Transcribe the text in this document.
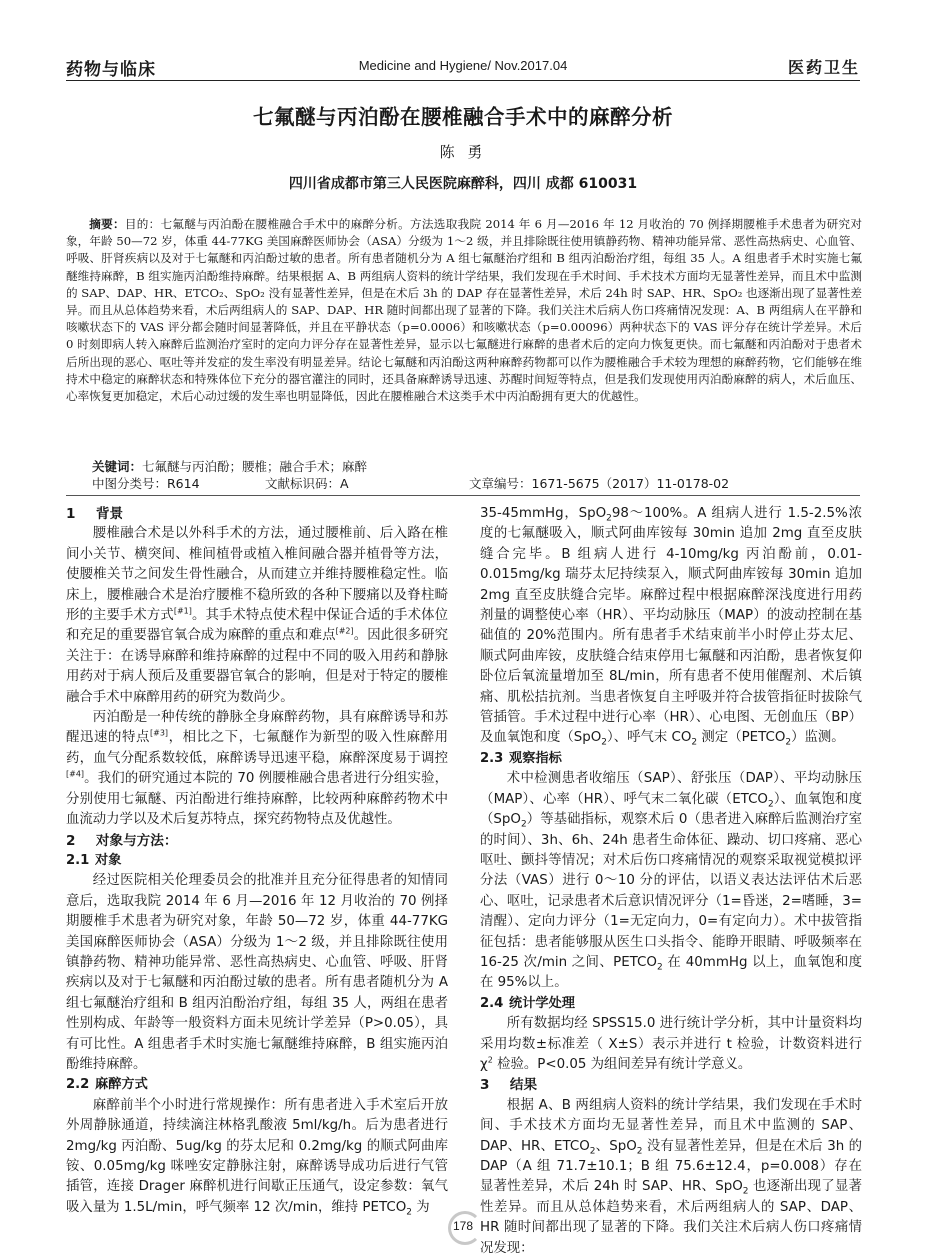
药物与临床	Medicine and Hygiene/ Nov.2017.04	医药卫生
七氟醚与丙泊酚在腰椎融合手术中的麻醉分析
陈 勇
四川省成都市第三人民医院麻醉科，四川 成都 610031
摘要：目的：七氟醚与丙泊酚在腰椎融合手术中的麻醉分析。方法选取我院 2014 年 6 月—2016 年 12 月收治的 70 例择期腰椎手术患者为研究对象，年龄 50—72 岁，体重 44-77KG 美国麻醉医师协会（ASA）分级为 1～2 级，并且排除既往使用镇静药物、精神功能异常、恶性高热病史、心血管、呼吸、肝肾疾病以及对于七氟醚和丙泊酚过敏的患者。所有患者随机分为 A 组七氟醚治疗组和 B 组丙泊酚治疗组，每组 35 人。A 组患者手术时实施七氟醚维持麻醉，B 组实施丙泊酚维持麻醉。结果根据 A、B 两组病人资料的统计学结果，我们发现在手术时间、手术技术方面均无显著性差异，而且术中监测的 SAP、DAP、HR、ETCO₂、SpO₂ 没有显著性差异，但是在术后 3h 的 DAP 存在显著性差异，术后 24h 时 SAP、HR、SpO₂ 也逐渐出现了显著性差异。而且从总体趋势来看，术后两组病人的 SAP、DAP、HR 随时间都出现了显著的下降。我们关注术后病人伤口疼痛情况发现：A、B 两组病人在平静和咳嗽状态下的 VAS 评分都会随时间显著降低，并且在平静状态（p=0.0006）和咳嗽状态（p=0.00096）两种状态下的 VAS 评分存在统计学差异。术后 0 时刻即病人转入麻醉后监测治疗室时的定向力评分存在显著性差异，显示以七氟醚进行麻醉的患者术后的定向力恢复更快。而七氟醚和丙泊酚对于患者术后所出现的恶心、呕吐等并发症的发生率没有明显差异。结论七氟醚和丙泊酚这两种麻醉药物都可以作为腰椎融合手术较为理想的麻醉药物，它们能够在维持术中稳定的麻醉状态和特殊体位下充分的器官灌注的同时，还具备麻醉诱导迅速、苏醒时间短等特点，但是我们发现使用丙泊酚麻醉的病人，术后血压、心率恢复更加稳定，术后心动过缓的发生率也明显降低，因此在腰椎融合术这类手术中丙泊酚拥有更大的优越性。
关键词：七氟醚与丙泊酚；腰椎；融合手术；麻醉
中图分类号：R614	文献标识码：A	文章编号：1671-5675（2017）11-0178-02
1 背景

腰椎融合术是以外科手术的方法，通过腰椎前、后入路在椎间小关节、横突间、椎间植骨或植入椎间融合器并植骨等方法，使腰椎关节之间发生骨性融合，从而建立并维持腰椎稳定性。临床上，腰椎融合术是治疗腰椎不稳所致的各种下腰痛以及脊柱畸形的主要手术方式[#1]。其手术特点使术程中保证合适的手术体位和充足的重要器官氧合成为麻醉的重点和难点[#2]。因此很多研究关注于：在诱导麻醉和维持麻醉的过程中不同的吸入用药和静脉用药对于病人预后及重要器官氧合的影响，但是对于特定的腰椎融合手术中麻醉用药的研究为数尚少。

丙泊酚是一种传统的静脉全身麻醉药物，具有麻醉诱导和苏醒迅速的特点[#3]，相比之下，七氟醚作为新型的吸入性麻醉用药，血气分配系数较低，麻醉诱导迅速平稳，麻醉深度易于调控[#4]。我们的研究通过本院的 70 例腰椎融合患者进行分组实验，分别使用七氟醚、丙泊酚进行维持麻醉，比较两种麻醉药物术中血流动力学以及术后复苏特点，探究药物特点及优越性。

2 对象与方法：
2.1 对象

经过医院相关伦理委员会的批准并且充分征得患者的知情同意后，选取我院 2014 年 6 月—2016 年 12 月收治的 70 例择期腰椎手术患者为研究对象，年龄 50—72 岁，体重 44-77KG 美国麻醉医师协会（ASA）分级为 1～2 级，并且排除既往使用镇静药物、精神功能异常、恶性高热病史、心血管、呼吸、肝肾疾病以及对于七氟醚和丙泊酚过敏的患者。所有患者随机分为 A 组七氟醚治疗组和 B 组丙泊酚治疗组，每组 35 人，两组在患者性别构成、年龄等一般资料方面未见统计学差异（P>0.05），具有可比性。A 组患者手术时实施七氟醚维持麻醉，B 组实施丙泊酚维持麻醉。

2.2 麻醉方式

麻醉前半个小时进行常规操作：所有患者进入手术室后开放外周静脉通道，持续滴注林格乳酸液 5ml/kg/h。后为患者进行 2mg/kg 丙泊酚、5ug/kg 的芬太尼和 0.2mg/kg 的顺式阿曲库铵、0.05mg/kg 咪唑安定静脉注射，麻醉诱导成功后进行气管插管，连接 Drager 麻醉机进行间歇正压通气，设定参数：氧气吸入量为 1.5L/min，呼气频率 12 次/min，维持 $PETCO_2$ 为

35-45mmHg，SpO$_2$98～100%。A 组病人进行 1.5-2.5%浓度的七氟醚吸入，顺式阿曲库铵每 30min 追加 2mg 直至皮肤缝合完毕。B 组病人进行 4-10mg/kg 丙泊酚前，0.01-0.015mg/kg 瑞芬太尼持续泵入，顺式阿曲库铵每 30min 追加 2mg 直至皮肤缝合完毕。麻醉过程中根据麻醉深浅度进行用药剂量的调整使心率（HR）、平均动脉压（MAP）的波动控制在基础值的 20%范围内。所有患者手术结束前半小时停止芬太尼、顺式阿曲库铵，皮肤缝合结束停用七氟醚和丙泊酚，患者恢复仰卧位后氧流量增加至 8L/min，所有患者不使用催醒剂、术后镇痛、肌松拮抗剂。当患者恢复自主呼吸并符合拔管指征时拔除气管插管。手术过程中进行心率（HR）、心电图、无创血压（BP）及血氧饱和度（SpO$_2$）、呼气末 $CO_2$ 测定$(PETCO_2)$监测。

2.3 观察指标

术中检测患者收缩压（SAP）、舒张压（DAP）、平均动脉压（MAP）、心率（HR）、呼气末二氧化碳$(ETCO_2)$、血氧饱和度（SpO$_2$）等基础指标，观察术后 0（患者进入麻醉后监测治疗室的时间）、3h、6h、24h 患者生命体征、躁动、切口疼痛、恶心呕吐、颤抖等情况；对术后伤口疼痛情况的观察采取视觉模拟评分法（VAS）进行 0～10 分的评估，以语义表达法评估术后恶心、呕吐，记录患者术后意识情况评分（1=昏迷，2=嗜睡，3=清醒）、定向力评分（1=无定向力，0=有定向力）。术中拔管指征包括：患者能够服从医生口头指令、能睁开眼睛、呼吸频率在 16-25 次/min 之间、$PETCO_2$ 在 40mmHg 以上，血氧饱和度在 95%以上。

2.4 统计学处理

所有数据均经 SPSS15.0 进行统计学分析，其中计量资料均采用均数±标准差（ X±S）表示并进行 t 检验，计数资料进行 $\chi^2$ 检验。P<0.05 为组间差异有统计学意义。

3 结果

根据 A、B 两组病人资料的统计学结果，我们发现在手术时间、手术技术方面均无显著性差异，而且术中监测的 SAP、DAP、HR、$ETCO_2$、SpO$_2$ 没有显著性差异，但是在术后 3h 的 DAP（A 组 71.7±10.1；B 组 75.6±12.4，p=0.008）存在显著性差异，术后 24h 时 SAP、HR、SpO$_2$ 也逐渐出现了显著性差异。而且从总体趋势来看，术后两组病人的 SAP、DAP、HR 随时间都出现了显著的下降。我们关注术后病人伤口疼痛情况发现：

178
